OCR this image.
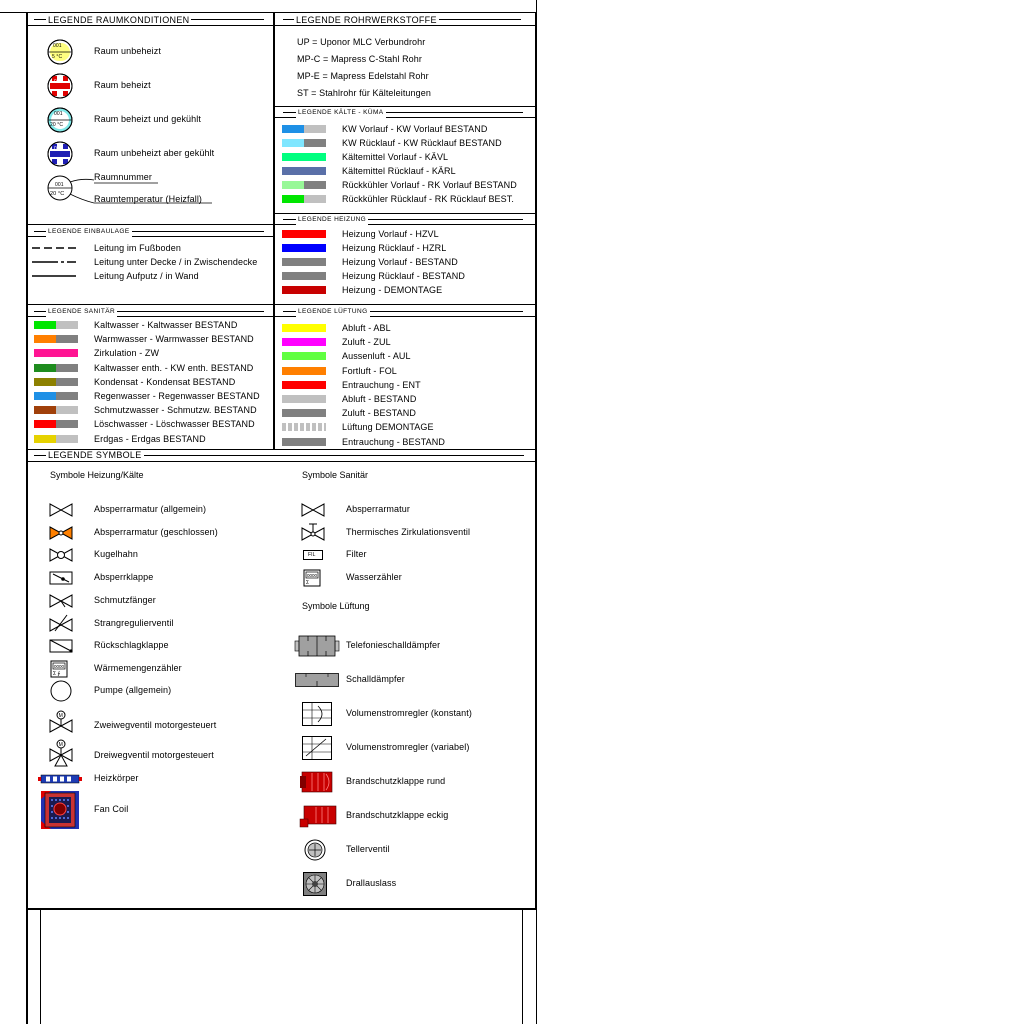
LEGENDE RAUMKONDITIONEN	LEGENDE ROHRWERKSTOFFE
LEGENDE KÄLTE - KÜMA
LEGENDE EINBAULAGE
LEGENDE HEIZUNG
LEGENDE SANITÄR	LEGENDE LÜFTUNG
LEGENDE SYMBOLE
001
5 °C
Raum unbeheizt
001	Raum beheizt
001
20 °C
Raum beheizt und gekühlt
001	Raum unbeheizt aber gekühlt
001
20 °C
Raumnummer
Raumtemperatur (Heizfall)
UP = Uponor MLC Verbundrohr
MP-C = Mapress C-Stahl Rohr
MP-E = Mapress Edelstahl Rohr
ST = Stahlrohr für Kälteleitungen
KW Vorlauf - KW Vorlauf BESTAND
KW Rücklauf - KW Rücklauf BESTAND
Kältemittel Vorlauf - KÄVL
Kältemittel Rücklauf - KÄRL
Rückkühler Vorlauf - RK Vorlauf BESTAND
Rückkühler Rücklauf - RK Rücklauf BEST.
Leitung im Fußboden
Leitung unter Decke / in Zwischendecke
Leitung Aufputz / in Wand
Heizung Vorlauf - HZVL
Heizung Rücklauf - HZRL
Heizung Vorlauf - BESTAND
Heizung Rücklauf - BESTAND
Heizung - DEMONTAGE
Kaltwasser - Kaltwasser BESTAND
Warmwasser - Warmwasser BESTAND
Zirkulation - ZW
Kaltwasser enth. - KW enth. BESTAND
Kondensat - Kondensat BESTAND
Regenwasser - Regenwasser BESTAND
Schmutzwasser - Schmutzw. BESTAND
Löschwasser - Löschwasser BESTAND
Erdgas - Erdgas BESTAND
Abluft - ABL
Zuluft - ZUL
Aussenluft - AUL
Fortluft - FOL
Entrauchung - ENT
Abluft - BESTAND
Zuluft - BESTAND
Lüftung DEMONTAGE
Entrauchung - BESTAND
Symbole Heizung/Kälte	Symbole Sanitär
Symbole Lüftung
0000
Σ ∲
M
M
Absperrarmatur (allgemein)
Absperrarmatur (geschlossen)
Kugelhahn
Absperrklappe
Schmutzfänger
Strangregulierventil
Rückschlagklappe
Wärmemengenzähler
Pumpe (allgemein)
Zweiwegventil motorgesteuert
Dreiwegventil motorgesteuert
Heizkörper
Fan Coil
FIL
0000
Σ
Absperrarmatur
Thermisches Zirkulationsventil
Filter
Wasserzähler
Telefonieschalldämpfer
Schalldämpfer
Volumenstromregler (konstant)
Volumenstromregler (variabel)
Brandschutzklappe rund
Brandschutzklappe eckig
Tellerventil
Drallauslass
